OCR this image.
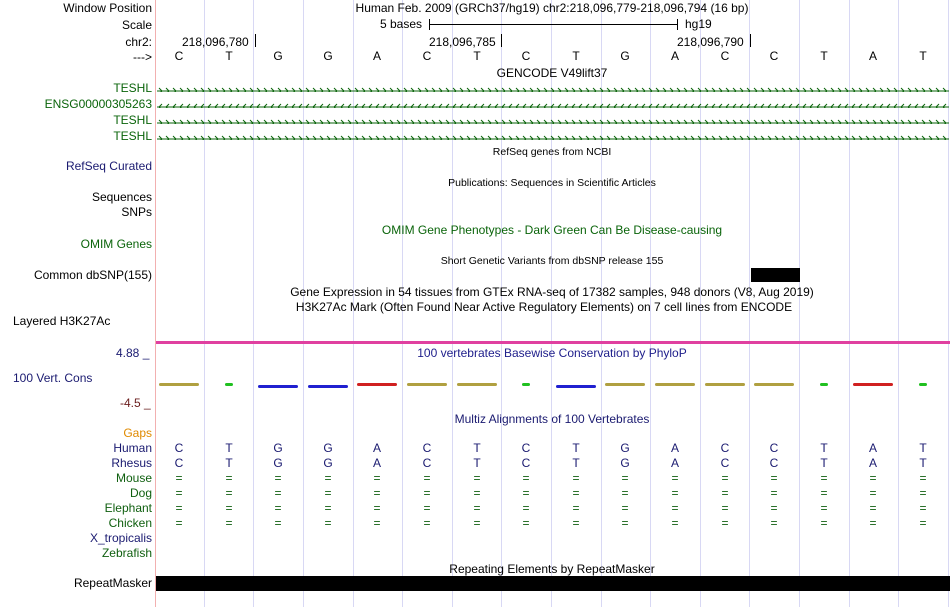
Window Position	Human Feb. 2009 (GRCh37/hg19) chr2:218,096,779-218,096,794 (16 bp)
Scale	5 bases	hg19
chr2:	218,096,780	218,096,785	218,096,790
--->	C	T	G	G	A	C	T	C	T	G	A	C	C	T	A	T
GENCODE V49lift37
TESHL
ENSG00000305263
TESHL
TESHL
RefSeq genes from NCBI
RefSeq Curated
Publications: Sequences in Scientific Articles
Sequences
SNPs
OMIM Gene Phenotypes - Dark Green Can Be Disease-causing
OMIM Genes
Short Genetic Variants from dbSNP release 155
Common dbSNP(155)
Gene Expression in 54 tissues from GTEx RNA-seq of 17382 samples, 948 donors (V8, Aug 2019)
H3K27Ac Mark (Often Found Near Active Regulatory Elements) on 7 cell lines from ENCODE
Layered H3K27Ac
100 vertebrates Basewise Conservation by PhyloP
4.88 _
100 Vert. Cons
-4.5 _
Multiz Alignments of 100 Vertebrates
Gaps
Human	C	T	G	G	A	C	T	C	T	G	A	C	C	T	A	T
Rhesus	C	T	G	G	A	C	T	C	T	G	A	C	C	T	A	T
Mouse	=	=	=	=	=	=	=	=	=	=	=	=	=	=	=	=
Dog	=	=	=	=	=	=	=	=	=	=	=	=	=	=	=	=
Elephant	=	=	=	=	=	=	=	=	=	=	=	=	=	=	=	=
Chicken	=	=	=	=	=	=	=	=	=	=	=	=	=	=	=	=
X_tropicalis
Zebrafish
Repeating Elements by RepeatMasker
RepeatMasker
